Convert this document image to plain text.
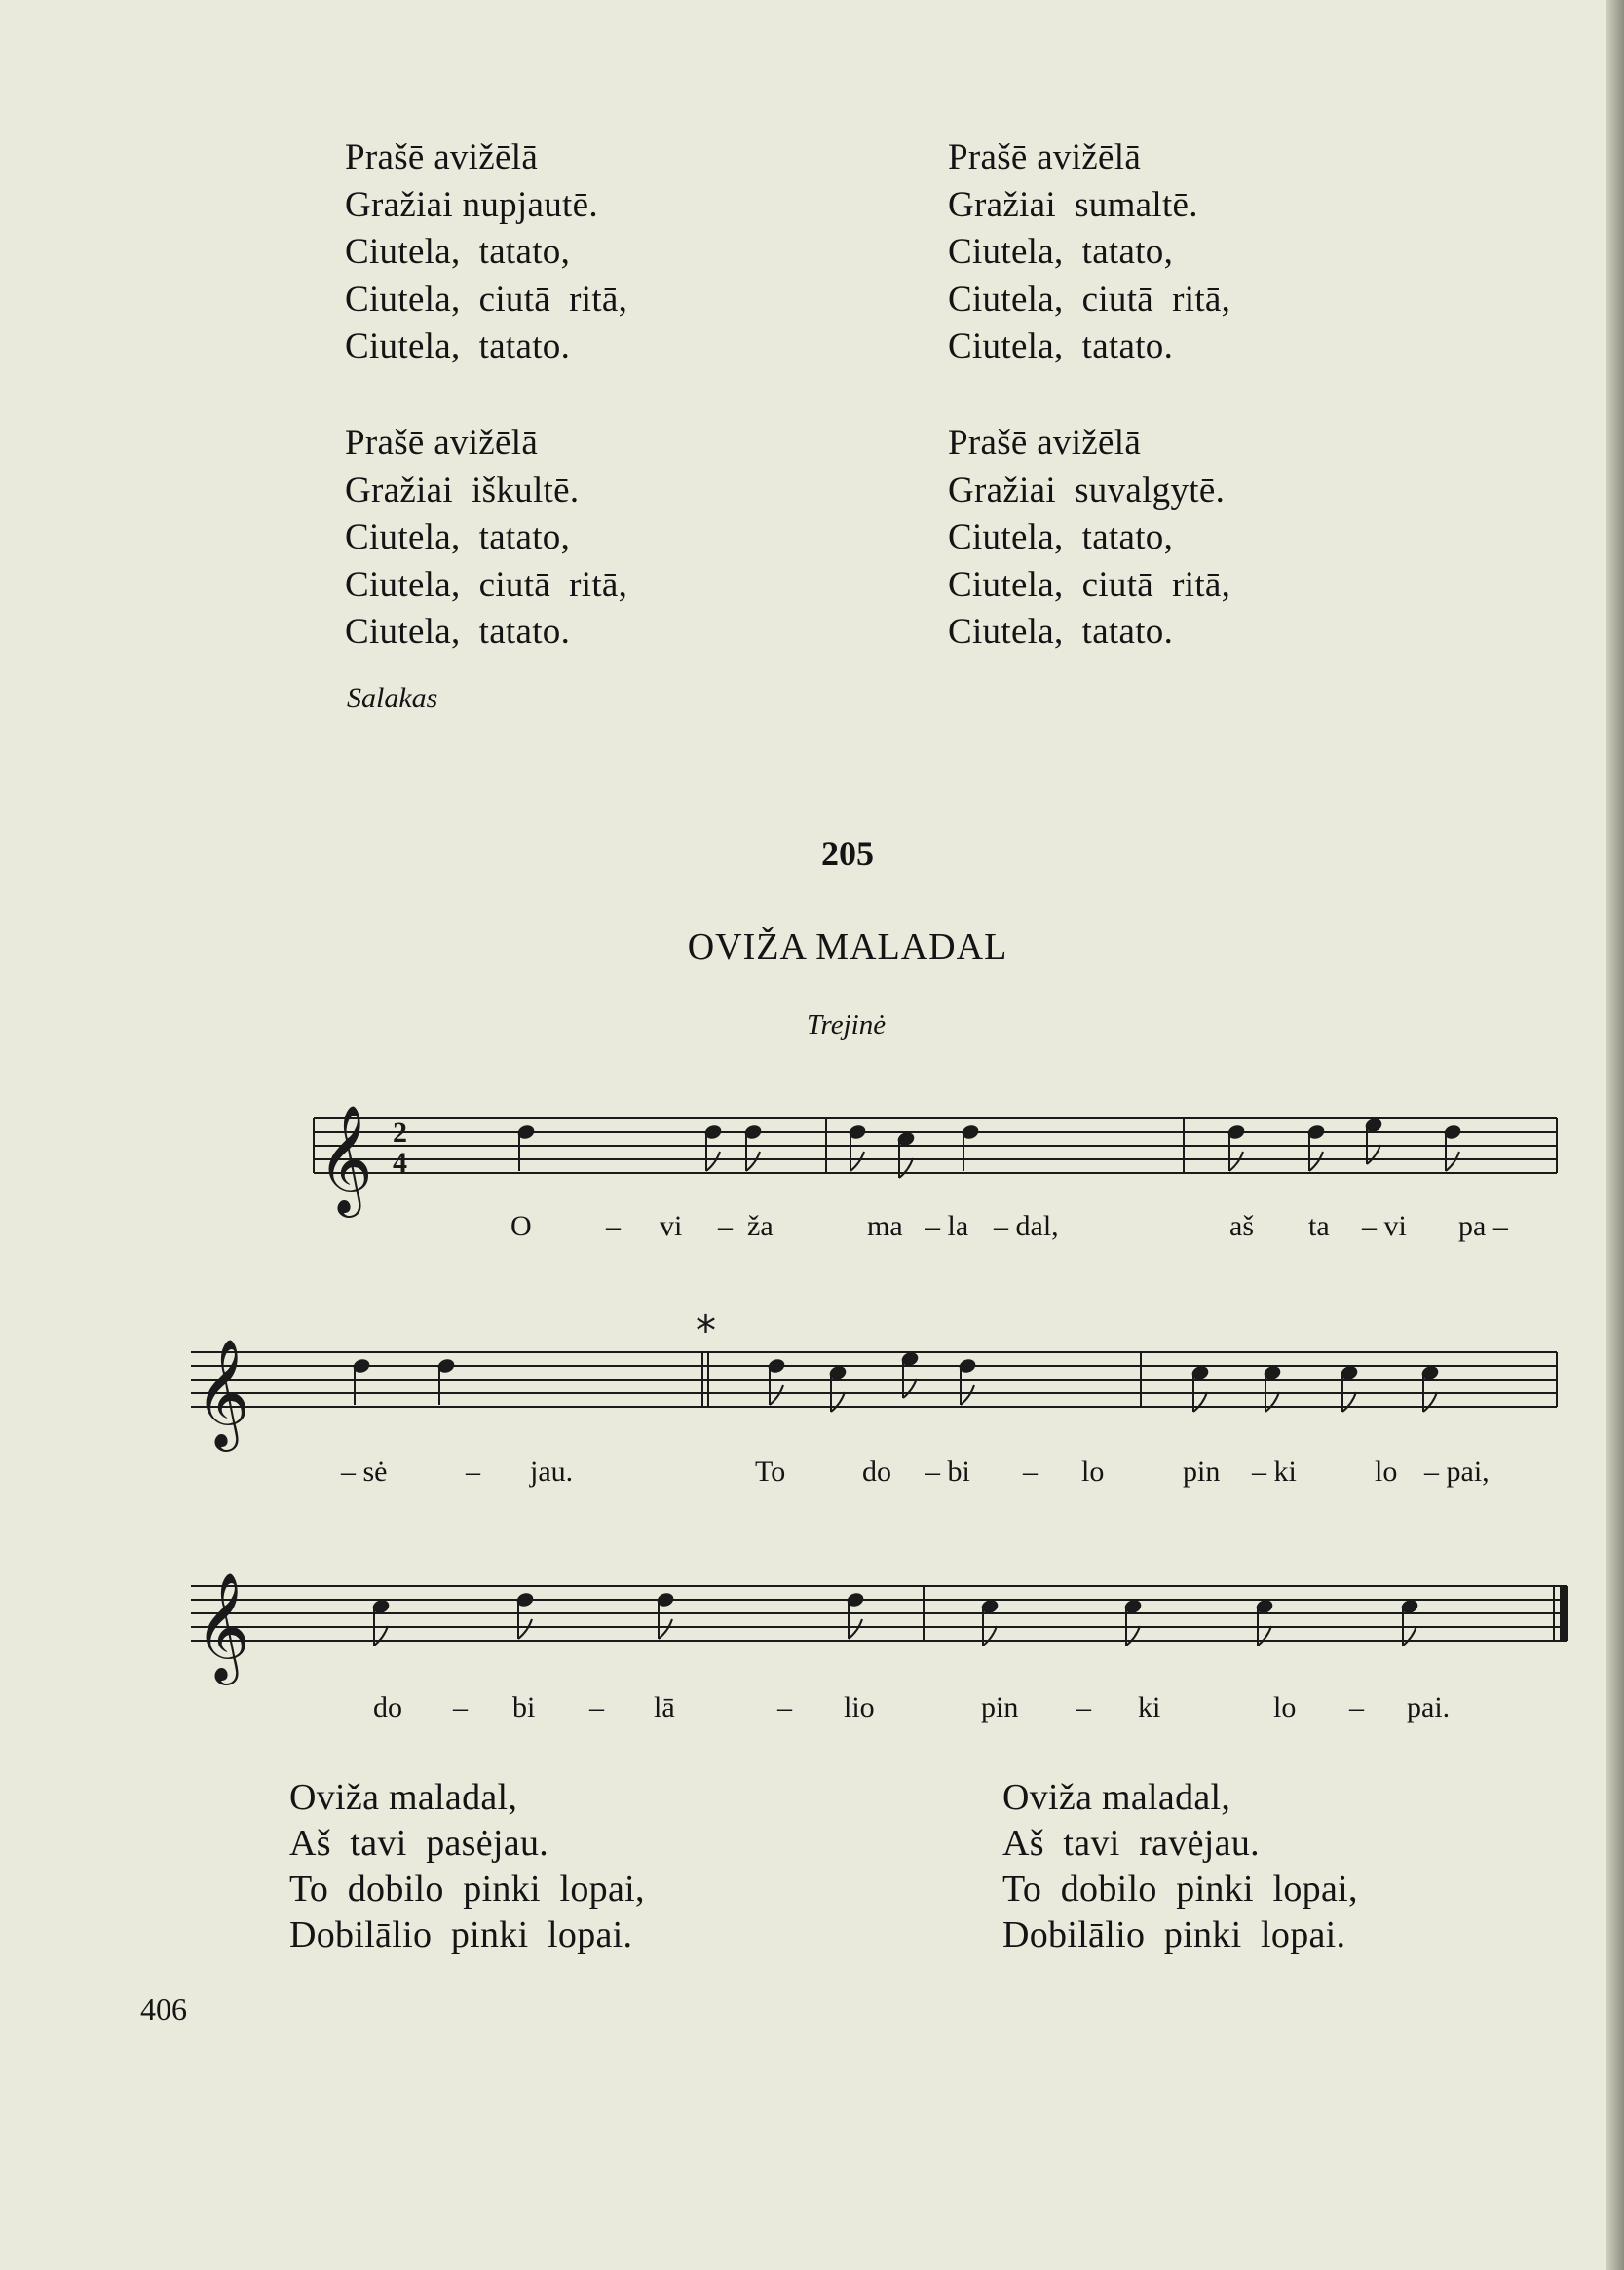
Prašē avižēlā
Gražiai nupjautē.
Ciutela,  tatato,
Ciutela,  ciutā  ritā,
Ciutela,  tatato.
Prašē avižēlā
Gražiai  sumaltē.
Ciutela,  tatato,
Ciutela,  ciutā  ritā,
Ciutela,  tatato.
Prašē avižēlā
Gražiai  iškultē.
Ciutela,  tatato,
Ciutela,  ciutā  ritā,
Ciutela,  tatato.
Prašē avižēlā
Gražiai  suvalgytē.
Ciutela,  tatato,
Ciutela,  ciutā  ritā,
Ciutela,  tatato.
Salakas
205
OVIŽA MALADAL
Trejinė
𝄞 2
4
𝄞
*
𝄞
O	– vi – ža	ma – la – dal,	aš ta – vi pa –
– sė	– jau.	To	do – bi – lo	pin – ki	lo – pai,
do – bi – lā	– lio	pin – ki	lo – pai.
Oviža maladal,
Aš  tavi  pasėjau.
To  dobilo  pinki  lopai,
Dobilālio  pinki  lopai.
Oviža maladal,
Aš  tavi  ravėjau.
To  dobilo  pinki  lopai,
Dobilālio  pinki  lopai.
406
